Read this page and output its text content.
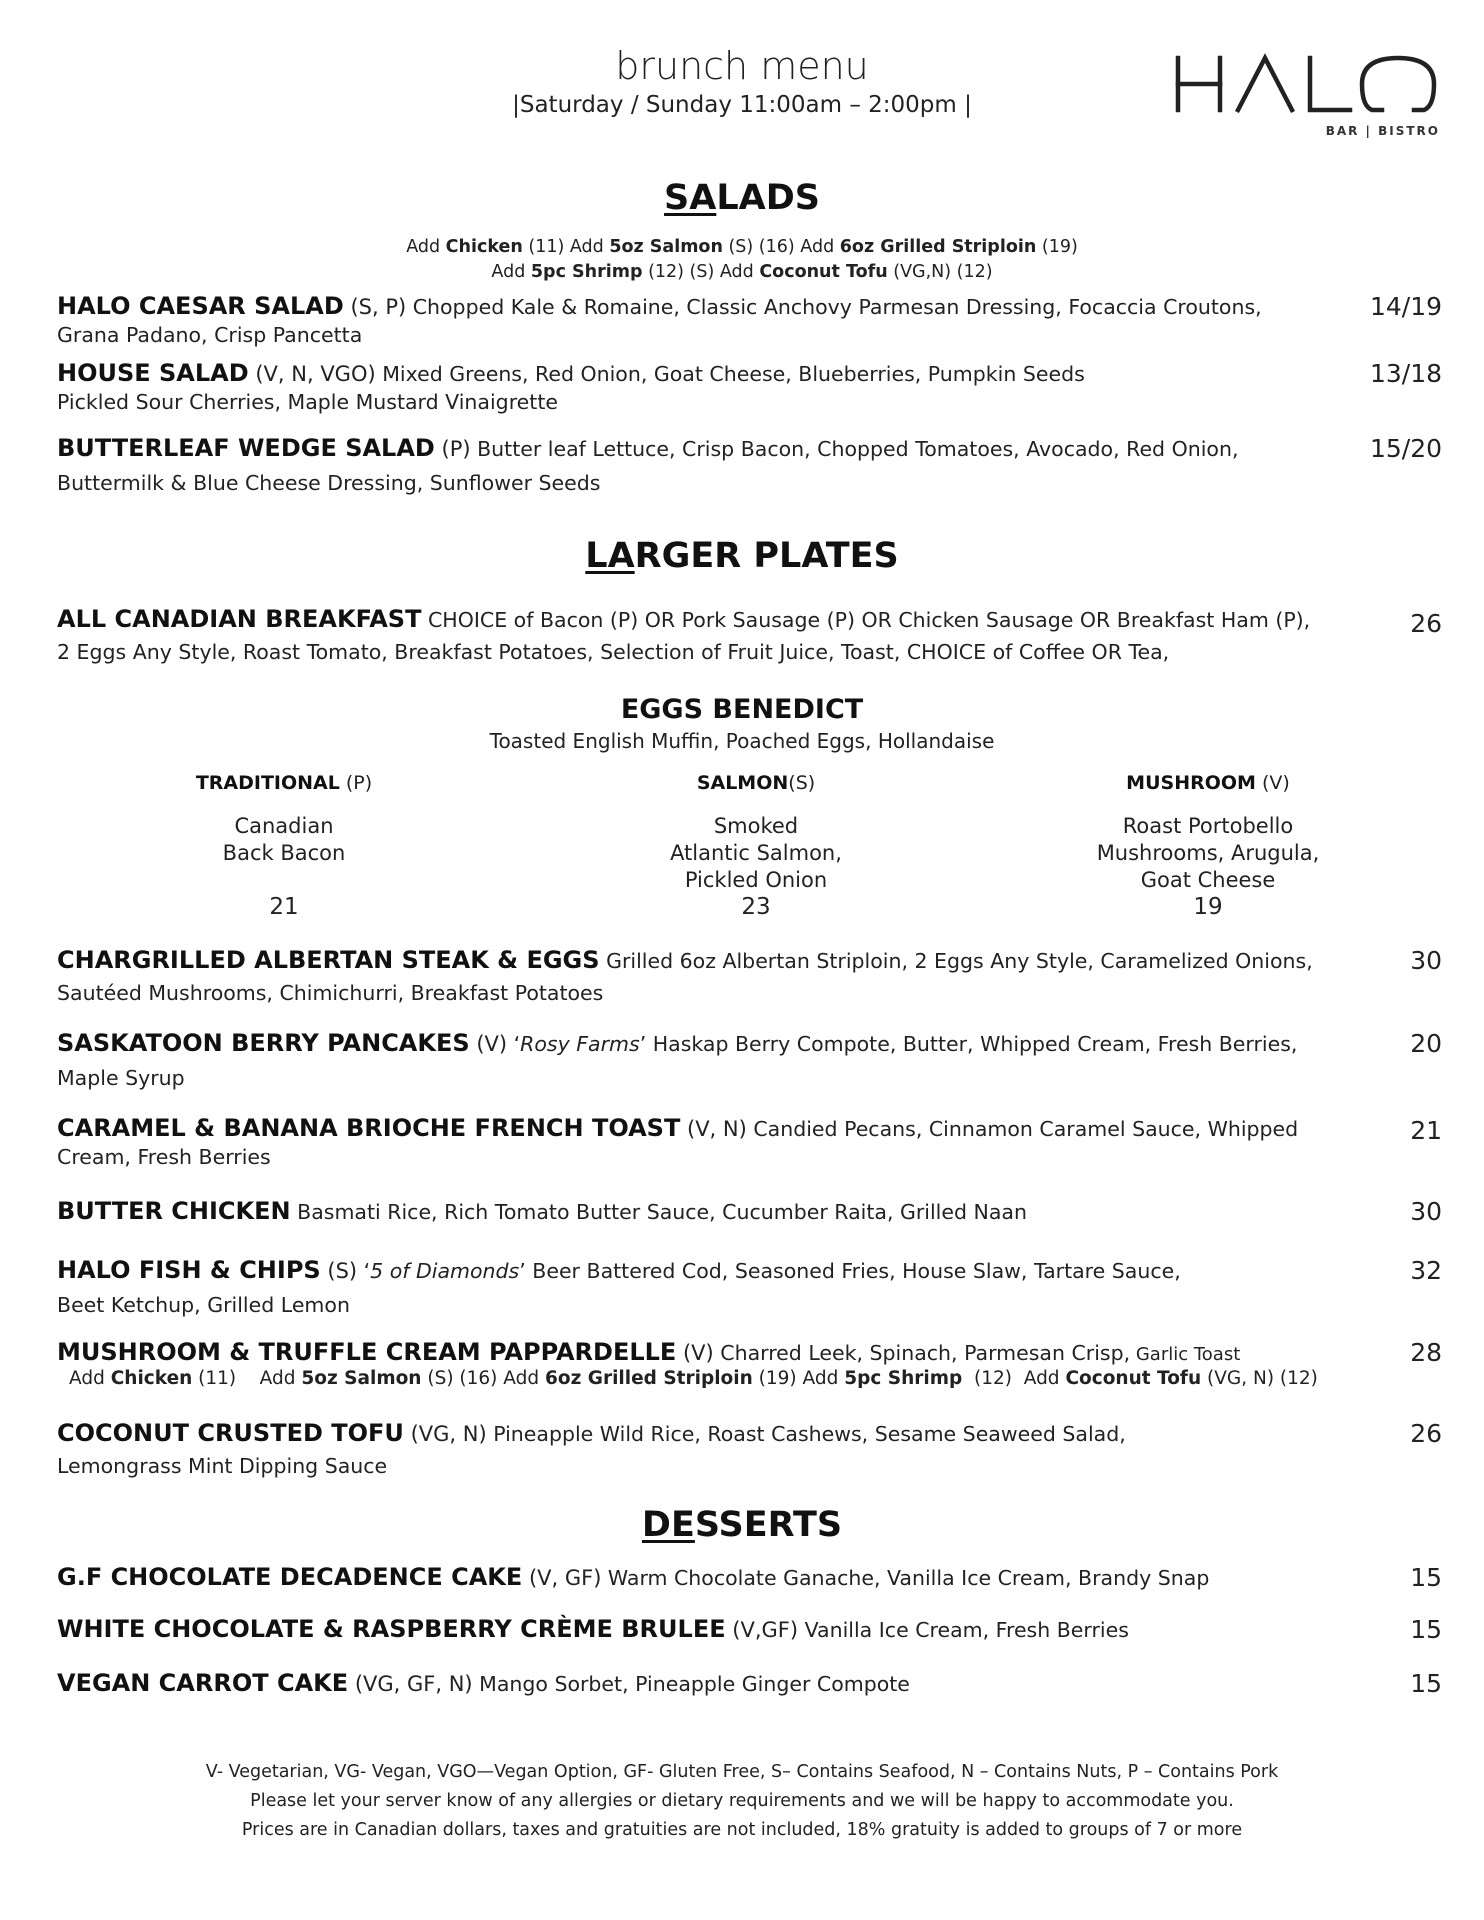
brunch menu
|Saturday / Sunday 11:00am – 2:00pm |
BAR | BISTRO
SALADS
Add Chicken (11) Add 5oz Salmon (S) (16) Add 6oz Grilled Striploin (19)
Add 5pc Shrimp (12) (S) Add Coconut Tofu (VG,N) (12)
HALO CAESAR SALAD (S, P) Chopped Kale & Romaine, Classic Anchovy Parmesan Dressing, Focaccia Croutons,
Grana Padano, Crisp Pancetta
14/19
HOUSE SALAD (V, N, VGO) Mixed Greens, Red Onion, Goat Cheese, Blueberries, Pumpkin Seeds
Pickled Sour Cherries, Maple Mustard Vinaigrette
13/18
BUTTERLEAF WEDGE SALAD (P) Butter leaf Lettuce, Crisp Bacon, Chopped Tomatoes, Avocado, Red Onion,
Buttermilk & Blue Cheese Dressing, Sunflower Seeds
15/20
LARGER PLATES
ALL CANADIAN BREAKFAST CHOICE of Bacon (P) OR Pork Sausage (P) OR Chicken Sausage OR Breakfast Ham (P),
2 Eggs Any Style, Roast Tomato, Breakfast Potatoes, Selection of Fruit Juice, Toast, CHOICE of Coffee OR Tea,
26
EGGS BENEDICT
Toasted English Muffin, Poached Eggs, Hollandaise
TRADITIONAL (P)
Canadian
Back Bacon
21
SALMON(S)
Smoked
Atlantic Salmon,
Pickled Onion
23
MUSHROOM (V)
Roast Portobello
Mushrooms, Arugula,
Goat Cheese
19
CHARGRILLED ALBERTAN STEAK & EGGS Grilled 6oz Albertan Striploin, 2 Eggs Any Style, Caramelized Onions,
Sautéed Mushrooms, Chimichurri, Breakfast Potatoes
30
SASKATOON BERRY PANCAKES (V) ‘Rosy Farms’ Haskap Berry Compote, Butter, Whipped Cream, Fresh Berries,
Maple Syrup
20
CARAMEL & BANANA BRIOCHE FRENCH TOAST (V, N) Candied Pecans, Cinnamon Caramel Sauce, Whipped
Cream, Fresh Berries
21
BUTTER CHICKEN Basmati Rice, Rich Tomato Butter Sauce, Cucumber Raita, Grilled Naan	30
HALO FISH & CHIPS (S) ‘5 of Diamonds’ Beer Battered Cod, Seasoned Fries, House Slaw, Tartare Sauce,
Beet Ketchup, Grilled Lemon
32
MUSHROOM & TRUFFLE CREAM PAPPARDELLE (V) Charred Leek, Spinach, Parmesan Crisp, Garlic Toast
Add Chicken (11)    Add 5oz Salmon (S) (16) Add 6oz Grilled Striploin (19) Add 5pc Shrimp  (12)  Add Coconut Tofu (VG, N) (12)
28
COCONUT CRUSTED TOFU (VG, N) Pineapple Wild Rice, Roast Cashews, Sesame Seaweed Salad,
Lemongrass Mint Dipping Sauce
26
DESSERTS
G.F CHOCOLATE DECADENCE CAKE (V, GF) Warm Chocolate Ganache, Vanilla Ice Cream, Brandy Snap	15
WHITE CHOCOLATE & RASPBERRY CRÈME BRULEE (V,GF) Vanilla Ice Cream, Fresh Berries	15
VEGAN CARROT CAKE (VG, GF, N) Mango Sorbet, Pineapple Ginger Compote	15
V- Vegetarian, VG- Vegan, VGO—Vegan Option, GF- Gluten Free, S– Contains Seafood, N – Contains Nuts, P – Contains Pork
Please let your server know of any allergies or dietary requirements and we will be happy to accommodate you.
Prices are in Canadian dollars, taxes and gratuities are not included, 18% gratuity is added to groups of 7 or more
